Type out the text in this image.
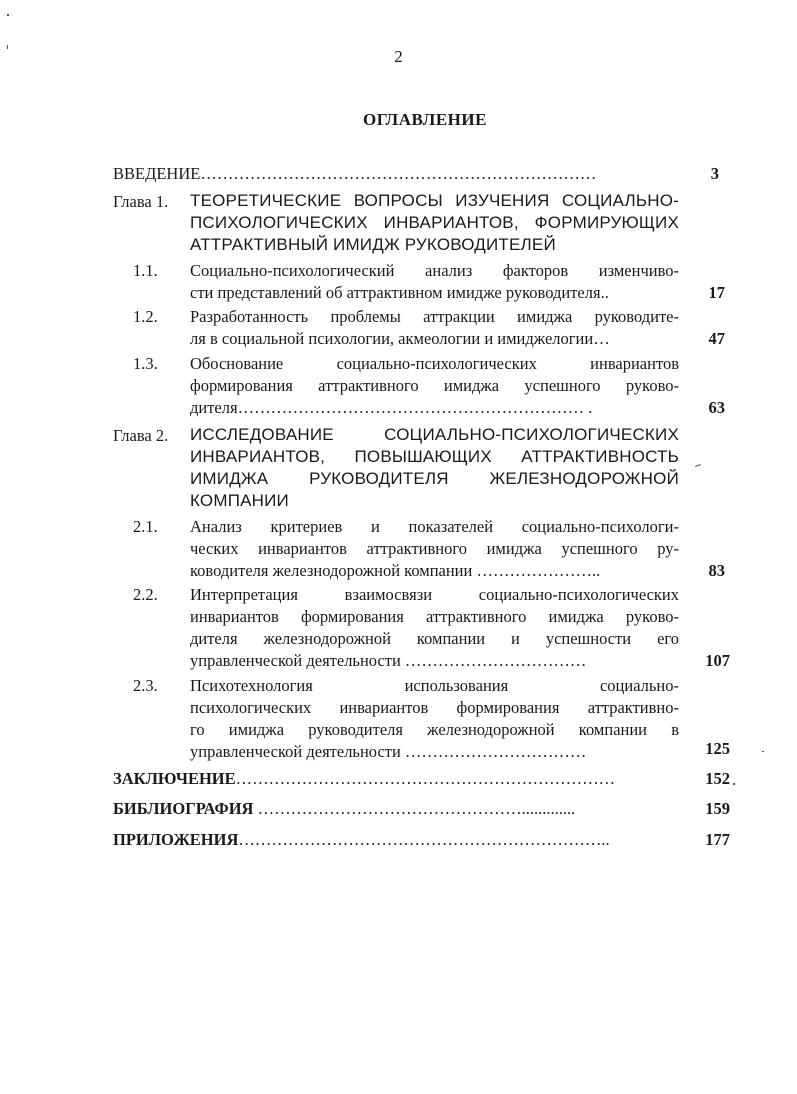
2
ОГЛАВЛЕНИЕ
ВВЕДЕНИЕ………………………………………………………………	3
Глава 1. ТЕОРЕТИЧЕСКИЕ ВОПРОСЫ ИЗУЧЕНИЯ СОЦИАЛЬНО-
ПСИХОЛОГИЧЕСКИХ ИНВАРИАНТОВ, ФОРМИРУЮЩИХ
АТТРАКТИВНЫЙ ИМИДЖ РУКОВОДИТЕЛЕЙ
1.1. Социально-психологический анализ факторов изменчиво-
сти представлений об аттрактивном имидже руководителя..	17
1.2. Разработанность проблемы аттракции имиджа руководите-
ля в социальной психологии, акмеологии и имиджелогии…	47
1.3. Обоснование социально-психологических инвариантов
формирования аттрактивного имиджа успешного руково-
дителя……………………………………………………… .	63
Глава 2. ИССЛЕДОВАНИЕ СОЦИАЛЬНО-ПСИХОЛОГИЧЕСКИХ
ИНВАРИАНТОВ, ПОВЫШАЮЩИХ АТТРАКТИВНОСТЬ
ИМИДЖА РУКОВОДИТЕЛЯ ЖЕЛЕЗНОДОРОЖНОЙ
КОМПАНИИ
2.1. Анализ критериев и показателей социально-психологи-
ческих инвариантов аттрактивного имиджа успешного ру-
ководителя железнодорожной компании …………………..	83
2.2. Интерпретация взаимосвязи социально-психологических
инвариантов формирования аттрактивного имиджа руково-
дителя железнодорожной компании и успешности его
управленческой деятельности ……………………………	107
2.3. Психотехнология использования социально-
психологических инвариантов формирования аттрактивно-
го имиджа руководителя железнодорожной компании в
управленческой деятельности ……………………………	125
ЗАКЛЮЧЕНИЕ……………………………………………………………	152
БИБЛИОГРАФИЯ ………………………………………….............	159
ПРИЛОЖЕНИЯ…………………………………………………………..	177
